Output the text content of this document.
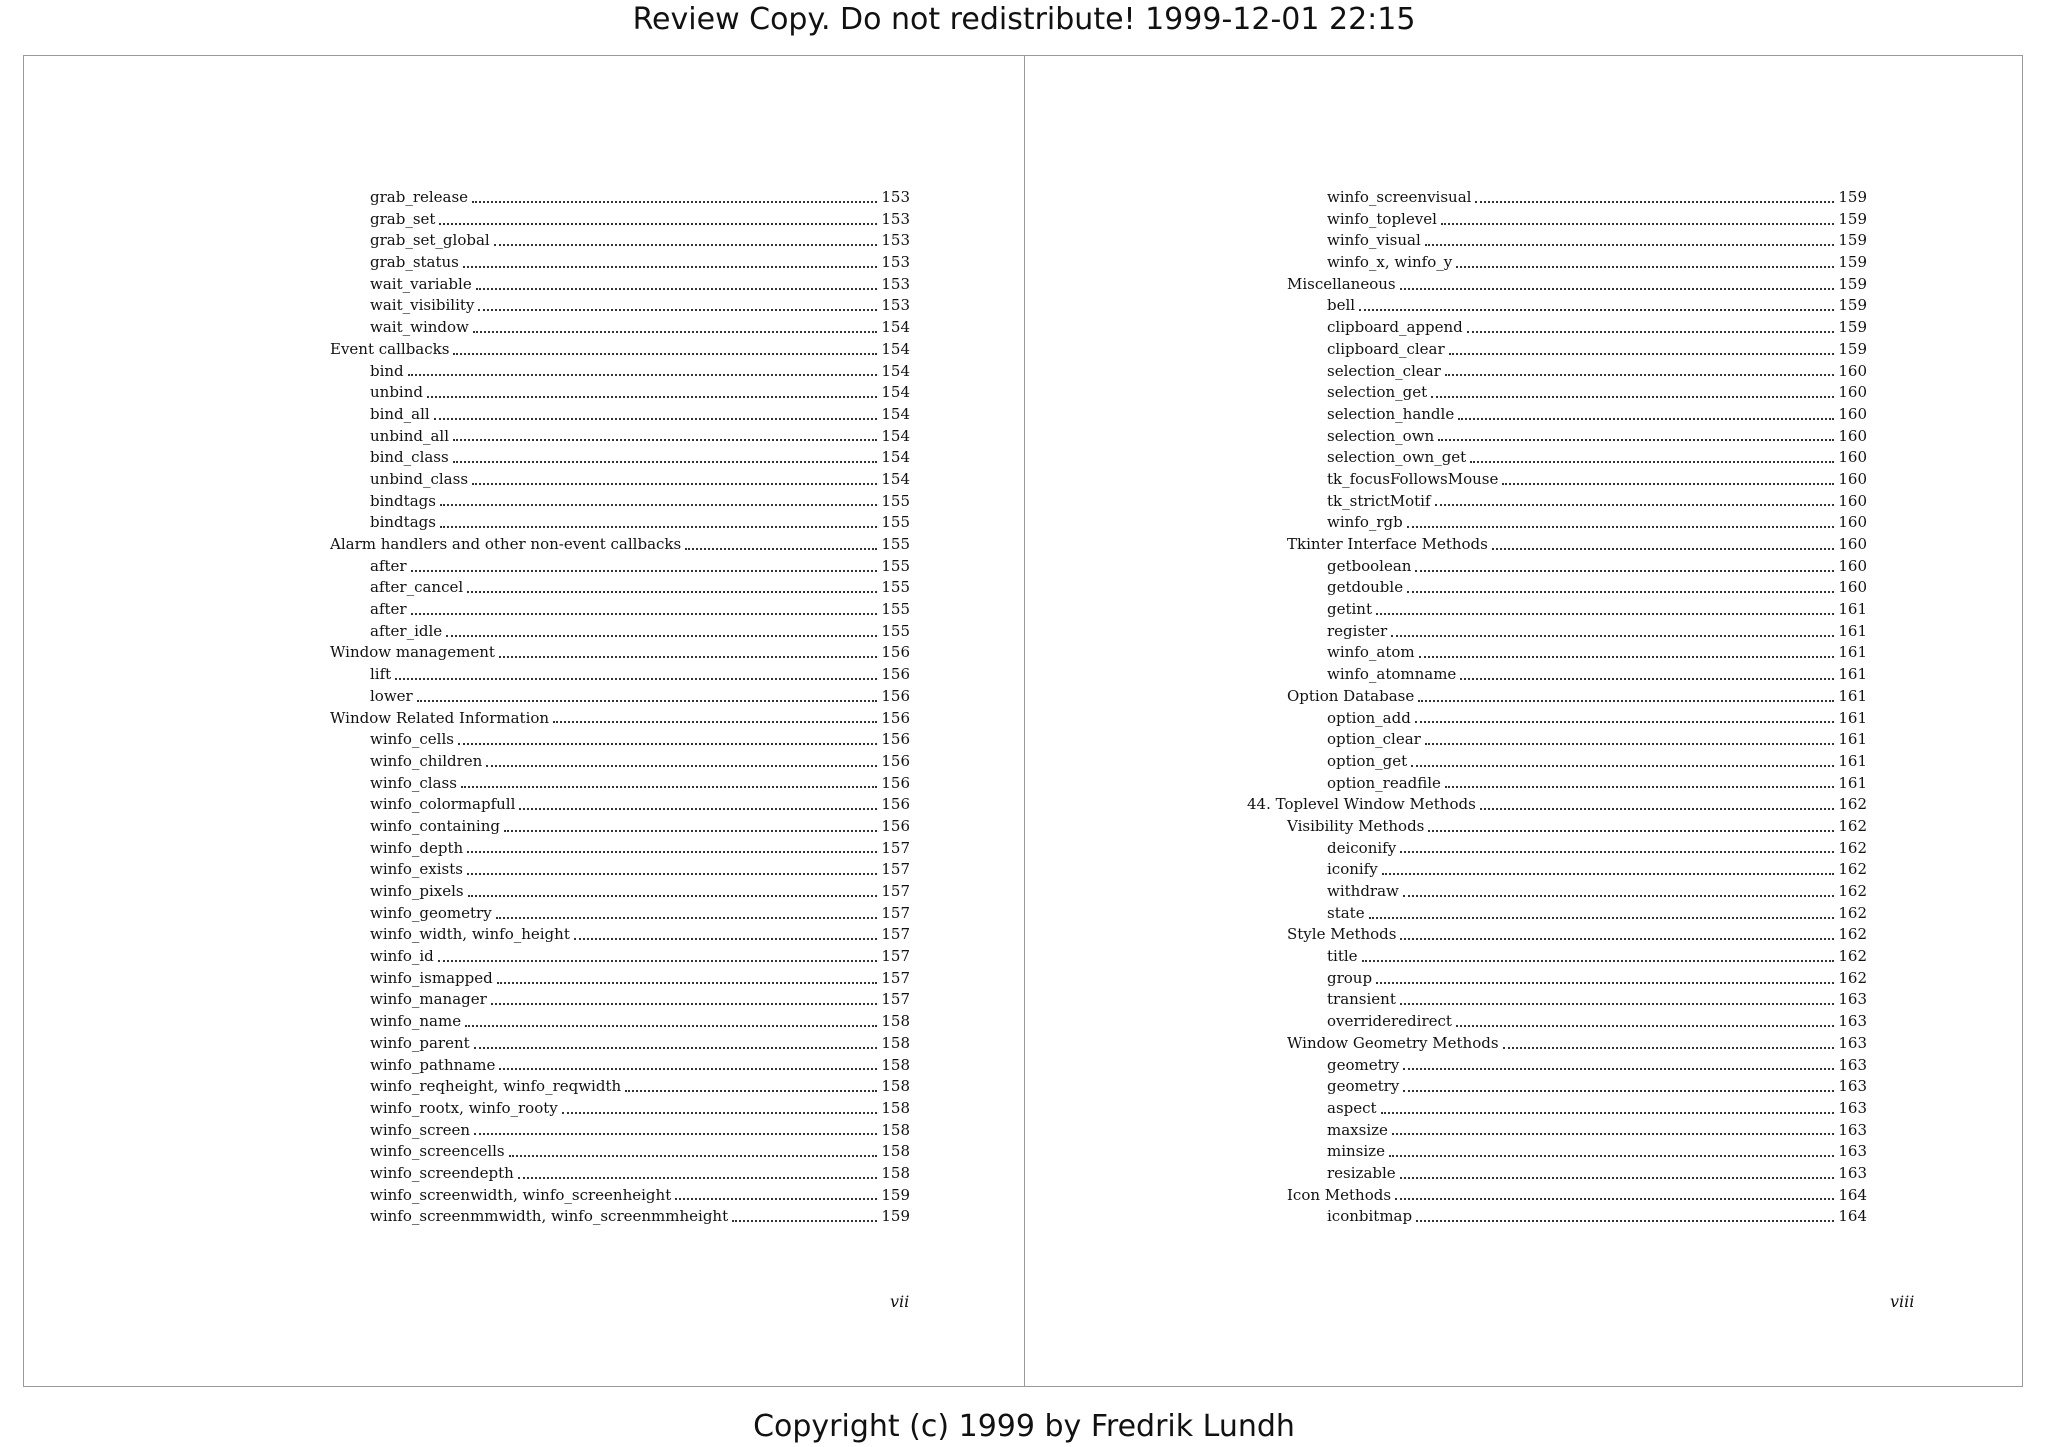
Review Copy. Do not redistribute! 1999-12-01 22:15
grab_release	153
grab_set	153
grab_set_global	153
grab_status	153
wait_variable	153
wait_visibility	153
wait_window	154
Event callbacks	154
bind	154
unbind	154
bind_all	154
unbind_all	154
bind_class	154
unbind_class	154
bindtags	155
bindtags	155
Alarm handlers and other non-event callbacks	155
after	155
after_cancel	155
after	155
after_idle	155
Window management	156
lift	156
lower	156
Window Related Information	156
winfo_cells	156
winfo_children	156
winfo_class	156
winfo_colormapfull	156
winfo_containing	156
winfo_depth	157
winfo_exists	157
winfo_pixels	157
winfo_geometry	157
winfo_width, winfo_height	157
winfo_id	157
winfo_ismapped	157
winfo_manager	157
winfo_name	158
winfo_parent	158
winfo_pathname	158
winfo_reqheight, winfo_reqwidth	158
winfo_rootx, winfo_rooty	158
winfo_screen	158
winfo_screencells	158
winfo_screendepth	158
winfo_screenwidth, winfo_screenheight	159
winfo_screenmmwidth, winfo_screenmmheight	159
vii
winfo_screenvisual	159
winfo_toplevel	159
winfo_visual	159
winfo_x, winfo_y	159
Miscellaneous	159
bell	159
clipboard_append	159
clipboard_clear	159
selection_clear	160
selection_get	160
selection_handle	160
selection_own	160
selection_own_get	160
tk_focusFollowsMouse	160
tk_strictMotif	160
winfo_rgb	160
Tkinter Interface Methods	160
getboolean	160
getdouble	160
getint	161
register	161
winfo_atom	161
winfo_atomname	161
Option Database	161
option_add	161
option_clear	161
option_get	161
option_readfile	161
44. Toplevel Window Methods	162
Visibility Methods	162
deiconify	162
iconify	162
withdraw	162
state	162
Style Methods	162
title	162
group	162
transient	163
overrideredirect	163
Window Geometry Methods	163
geometry	163
geometry	163
aspect	163
maxsize	163
minsize	163
resizable	163
Icon Methods	164
iconbitmap	164
viii
Copyright (c) 1999 by Fredrik Lundh
